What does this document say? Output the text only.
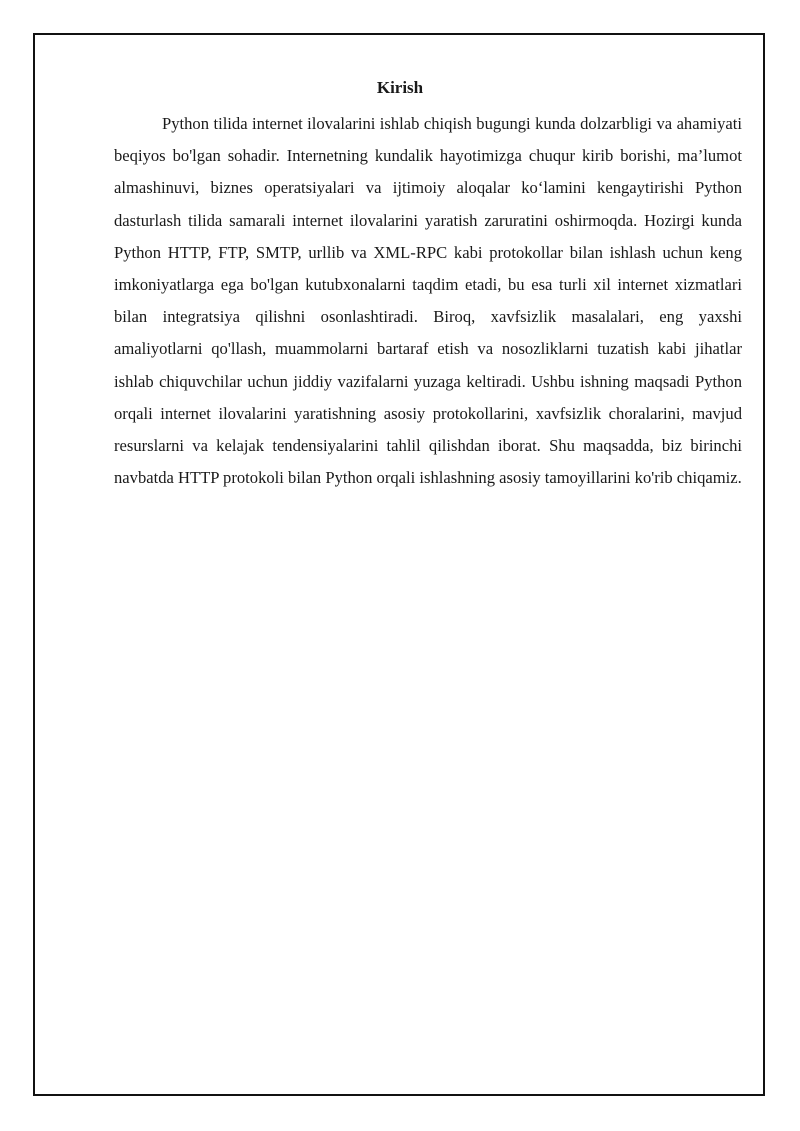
Kirish

Python tilida internet ilovalarini ishlab chiqish bugungi kunda dolzarbligi va ahamiyati beqiyos bo'lgan sohadir. Internetning kundalik hayotimizga chuqur kirib borishi, ma’lumot almashinuvi, biznes operatsiyalari va ijtimoiy aloqalar ko‘lamini kengaytirishi Python dasturlash tilida samarali internet ilovalarini yaratish zaruratini oshirmoqda. Hozirgi kunda Python HTTP, FTP, SMTP, urllib va XML-RPC kabi protokollar bilan ishlash uchun keng imkoniyatlarga ega bo'lgan kutubxonalarni taqdim etadi, bu esa turli xil internet xizmatlari bilan integratsiya qilishni osonlashtiradi. Biroq, xavfsizlik masalalari, eng yaxshi amaliyotlarni qo'llash, muammolarni bartaraf etish va nosozliklarni tuzatish kabi jihatlar ishlab chiquvchilar uchun jiddiy vazifalarni yuzaga keltiradi. Ushbu ishning maqsadi Python orqali internet ilovalarini yaratishning asosiy protokollarini, xavfsizlik choralarini, mavjud resurslarni va kelajak tendensiyalarini tahlil qilishdan iborat. Shu maqsadda, biz birinchi navbatda HTTP protokoli bilan Python orqali ishlashning asosiy tamoyillarini ko'rib chiqamiz.
